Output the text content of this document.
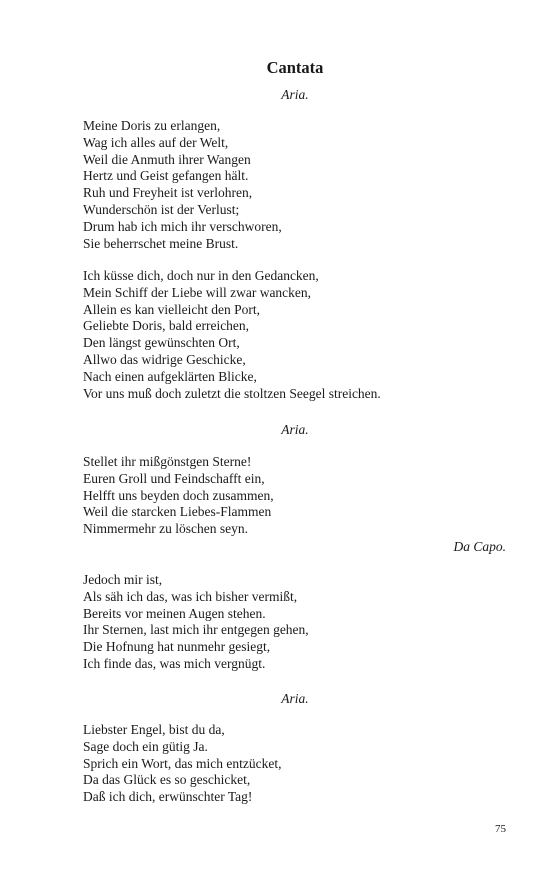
Cantata
Aria.
Meine Doris zu erlangen,
Wag ich alles auf der Welt,
Weil die Anmuth ihrer Wangen
Hertz und Geist gefangen hält.
Ruh und Freyheit ist verlohren,
Wunderschön ist der Verlust;
Drum hab ich mich ihr verschworen,
Sie beherrschet meine Brust.
Ich küsse dich, doch nur in den Gedancken,
Mein Schiff der Liebe will zwar wancken,
Allein es kan vielleicht den Port,
Geliebte Doris, bald erreichen,
Den längst gewünschten Ort,
Allwo das widrige Geschicke,
Nach einen aufgeklärten Blicke,
Vor uns muß doch zuletzt die stoltzen Seegel streichen.
Aria.
Stellet ihr mißgönstgen Sterne!
Euren Groll und Feindschafft ein,
Helfft uns beyden doch zusammen,
Weil die starcken Liebes-Flammen
Nimmermehr zu löschen seyn.
Da Capo.
Jedoch mir ist,
Als säh ich das, was ich bisher vermißt,
Bereits vor meinen Augen stehen.
Ihr Sternen, last mich ihr entgegen gehen,
Die Hofnung hat nunmehr gesiegt,
Ich finde das, was mich vergnügt.
Aria.
Liebster Engel, bist du da,
Sage doch ein gütig Ja.
Sprich ein Wort, das mich entzücket,
Da das Glück es so geschicket,
Daß ich dich, erwünschter Tag!
75
